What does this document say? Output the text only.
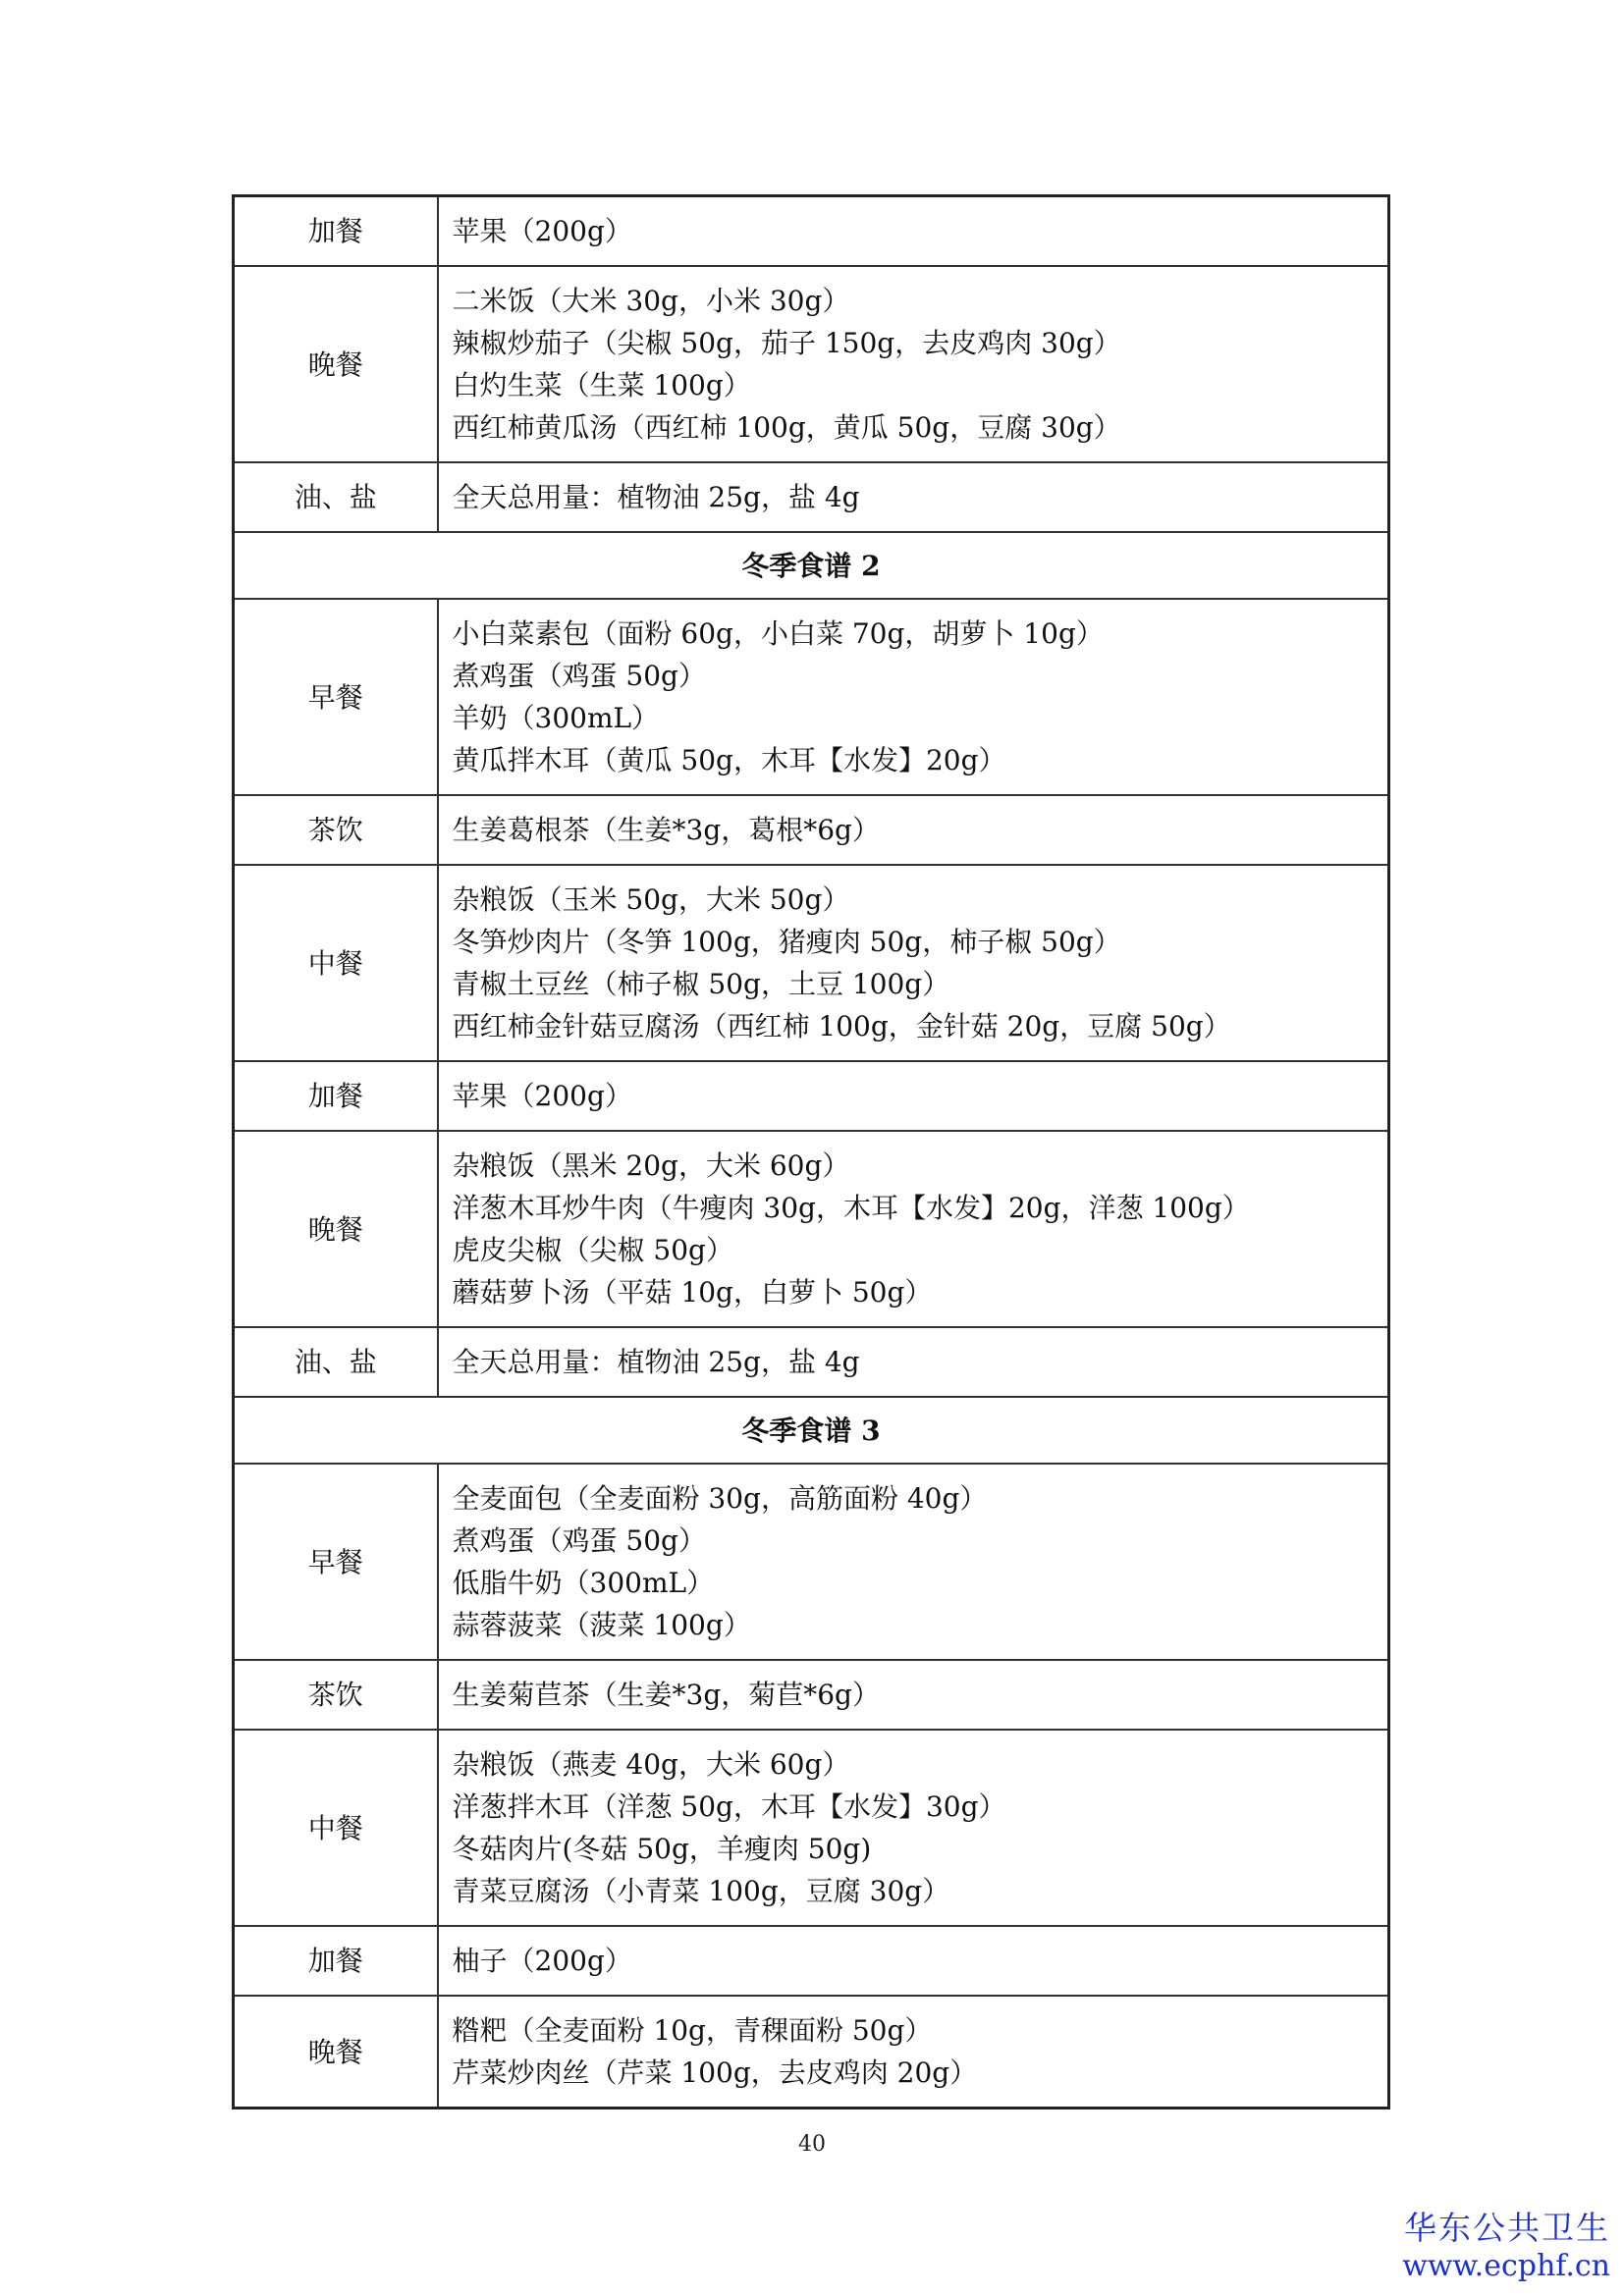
加餐	苹果（200g）

晚餐	二米饭（大米 30g，小米 30g）
辣椒炒茄子（尖椒 50g，茄子 150g，去皮鸡肉 30g）
白灼生菜（生菜 100g）
西红柿黄瓜汤（西红柿 100g，黄瓜 50g，豆腐 30g）

油、盐	全天总用量：植物油 25g，盐 4g

冬季食谱 2	
早餐	小白菜素包（面粉 60g，小白菜 70g，胡萝卜 10g）
煮鸡蛋（鸡蛋 50g）
羊奶（300mL）
黄瓜拌木耳（黄瓜 50g，木耳【水发】20g）

茶饮	生姜葛根茶（生姜*3g，葛根*6g）

中餐	杂粮饭（玉米 50g，大米 50g）
冬笋炒肉片（冬笋 100g，猪瘦肉 50g，柿子椒 50g）
青椒土豆丝（柿子椒 50g，土豆 100g）
西红柿金针菇豆腐汤（西红柿 100g，金针菇 20g，豆腐 50g）

加餐	苹果（200g）

晚餐	杂粮饭（黑米 20g，大米 60g）
洋葱木耳炒牛肉（牛瘦肉 30g，木耳【水发】20g，洋葱 100g）
虎皮尖椒（尖椒 50g）
蘑菇萝卜汤（平菇 10g，白萝卜 50g）

油、盐	全天总用量：植物油 25g，盐 4g

冬季食谱 3	
早餐	全麦面包（全麦面粉 30g，高筋面粉 40g）
煮鸡蛋（鸡蛋 50g）
低脂牛奶（300mL）
蒜蓉菠菜（菠菜 100g）

茶饮	生姜菊苣茶（生姜*3g，菊苣*6g）

中餐	杂粮饭（燕麦 40g，大米 60g）
洋葱拌木耳（洋葱 50g，木耳【水发】30g）
冬菇肉片(冬菇 50g，羊瘦肉 50g)
青菜豆腐汤（小青菜 100g，豆腐 30g）

加餐	柚子（200g）

晚餐	糌粑（全麦面粉 10g，青稞面粉 50g）
芹菜炒肉丝（芹菜 100g，去皮鸡肉 20g）
40
华东公共卫生
www.ecphf.cn
